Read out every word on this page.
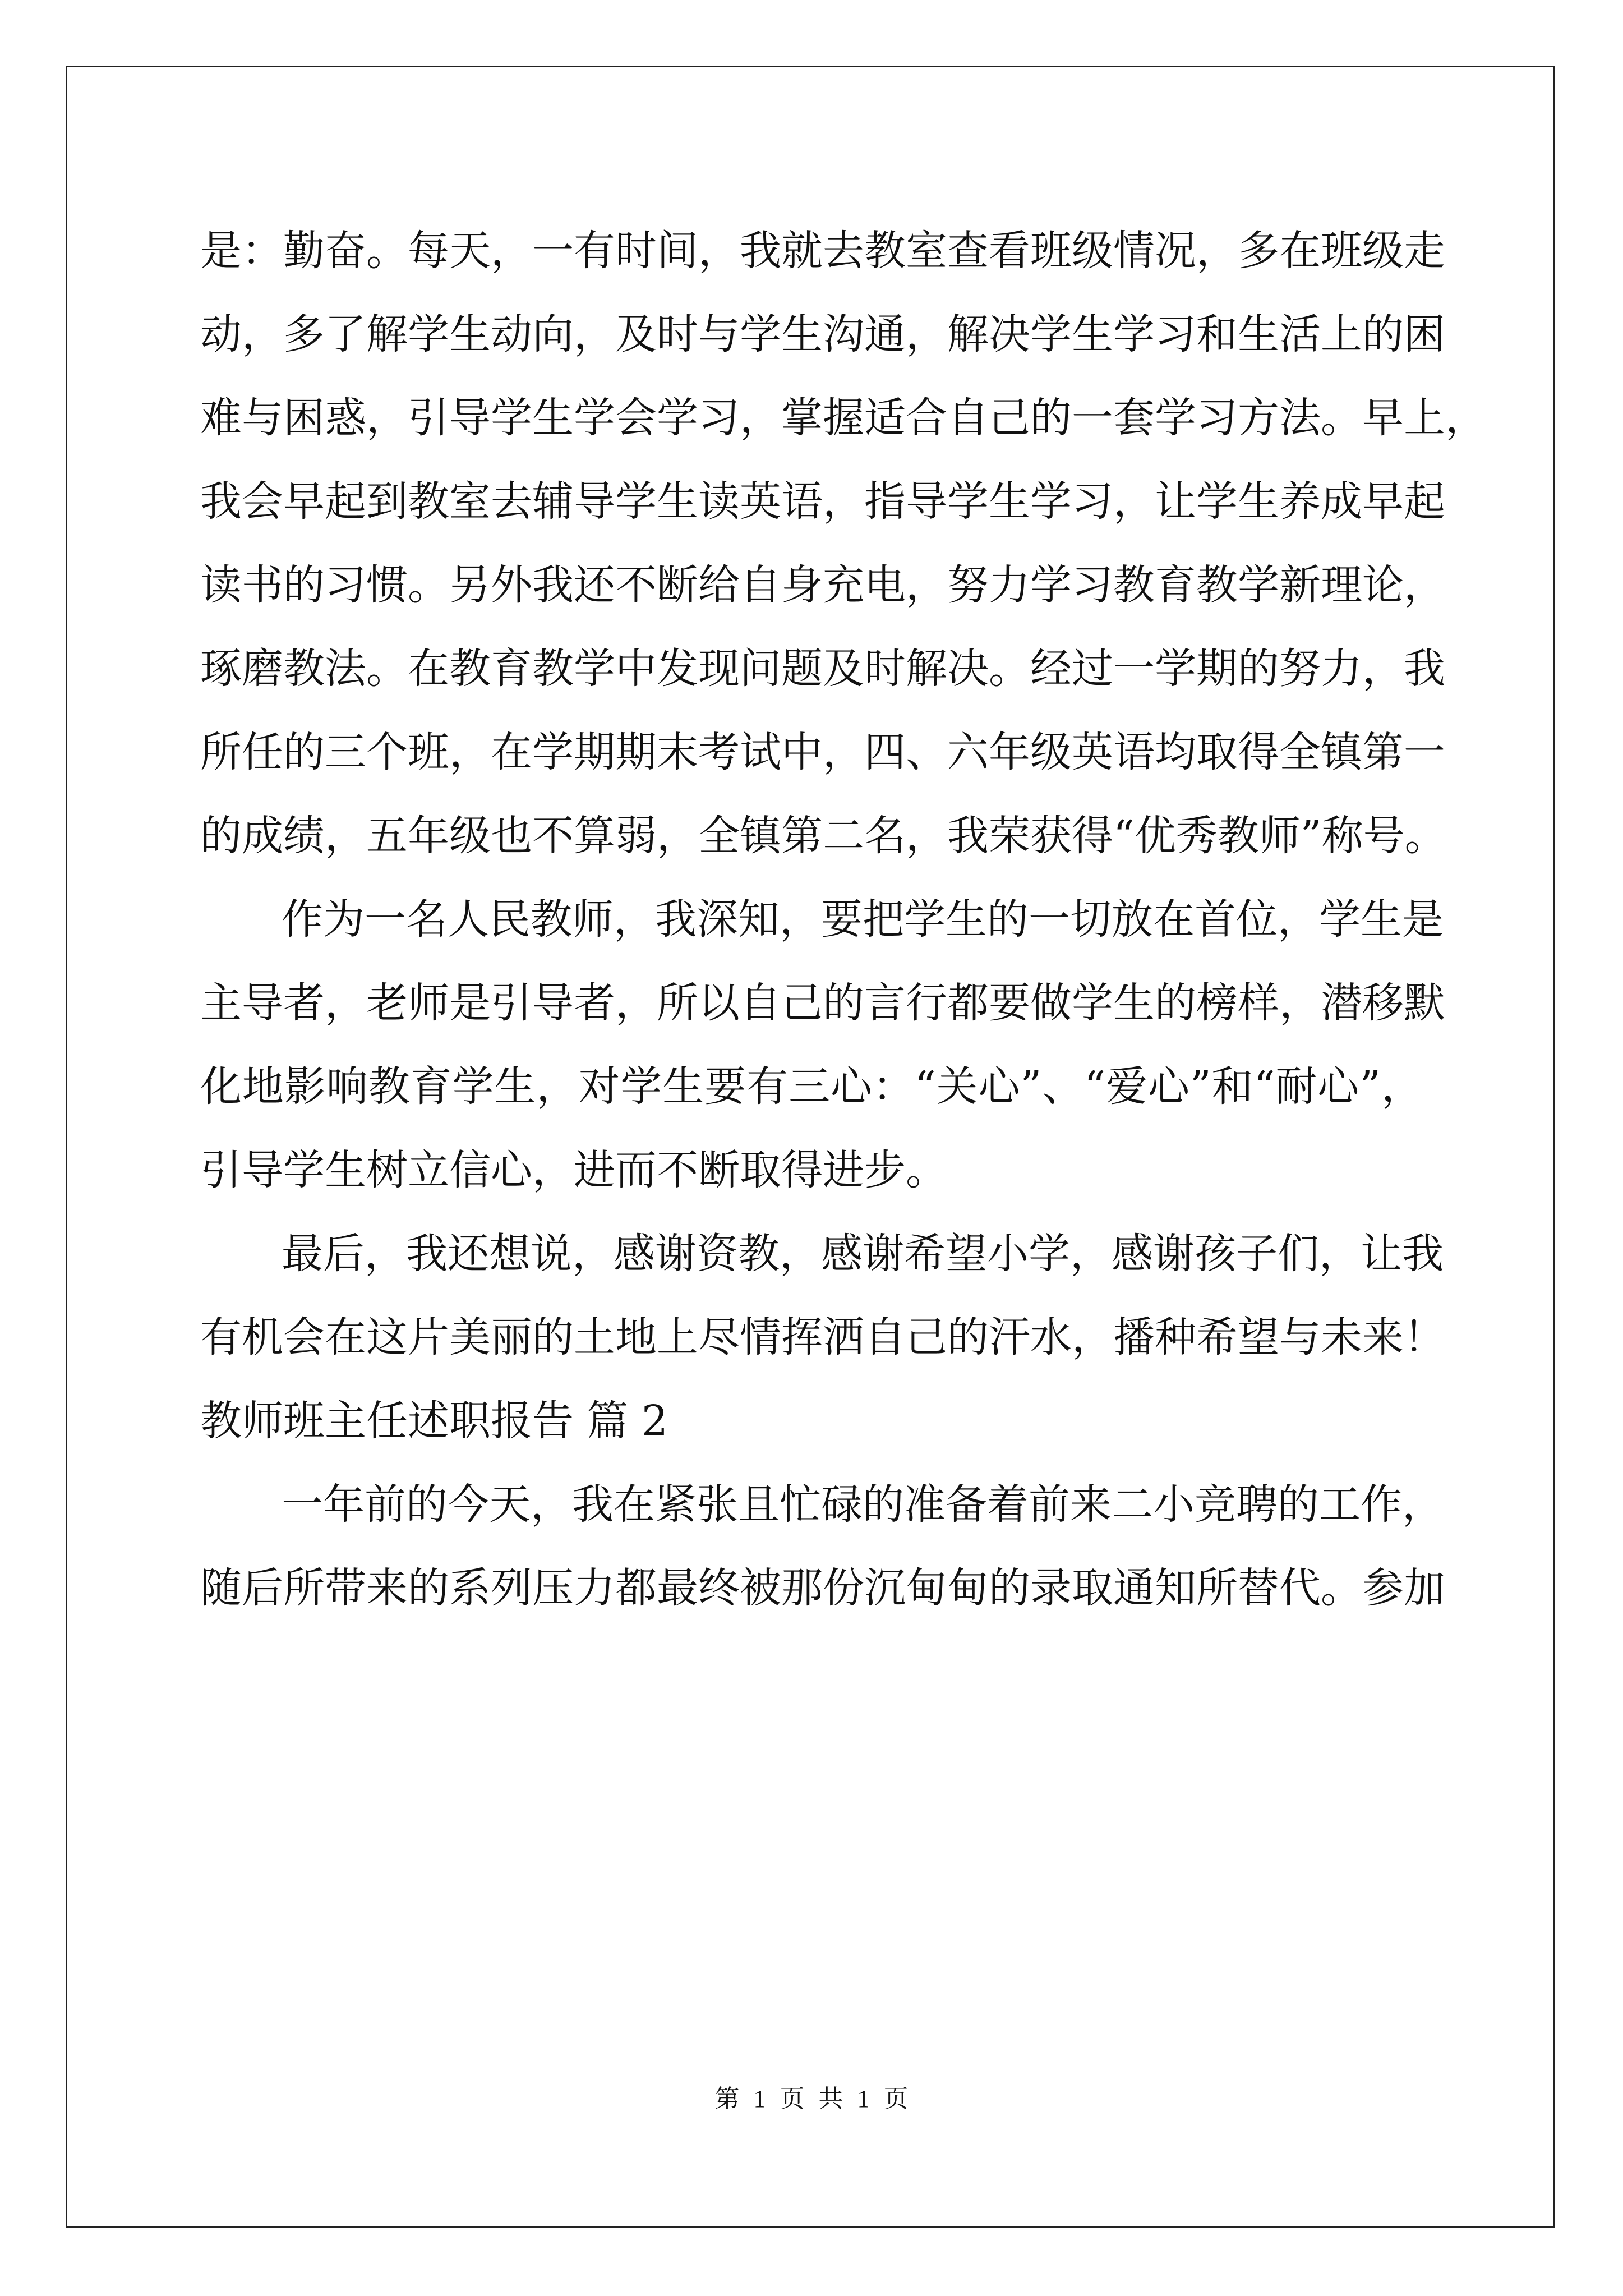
是：勤奋。每天，一有时间，我就去教室查看班级情况，多在班级走
动，多了解学生动向，及时与学生沟通，解决学生学习和生活上的困
难与困惑，引导学生学会学习，掌握适合自己的一套学习方法。早上，
我会早起到教室去辅导学生读英语，指导学生学习，让学生养成早起
读书的习惯。另外我还不断给自身充电，努力学习教育教学新理论，
琢磨教法。在教育教学中发现问题及时解决。经过一学期的努力，我
所任的三个班，在学期期末考试中，四、六年级英语均取得全镇第一
的成绩，五年级也不算弱，全镇第二名，我荣获得“优秀教师”称号。
作为一名人民教师，我深知，要把学生的一切放在首位，学生是
主导者，老师是引导者，所以自己的言行都要做学生的榜样，潜移默
化地影响教育学生，对学生要有三心：“关心”、“爱心”和“耐心”，
引导学生树立信心，进而不断取得进步。
最后，我还想说，感谢资教，感谢希望小学，感谢孩子们，让我
有机会在这片美丽的土地上尽情挥洒自己的汗水，播种希望与未来！
教师班主任述职报告 篇 2
一年前的今天，我在紧张且忙碌的准备着前来二小竞聘的工作，
随后所带来的系列压力都最终被那份沉甸甸的录取通知所替代。参加
第 1 页 共 1 页
